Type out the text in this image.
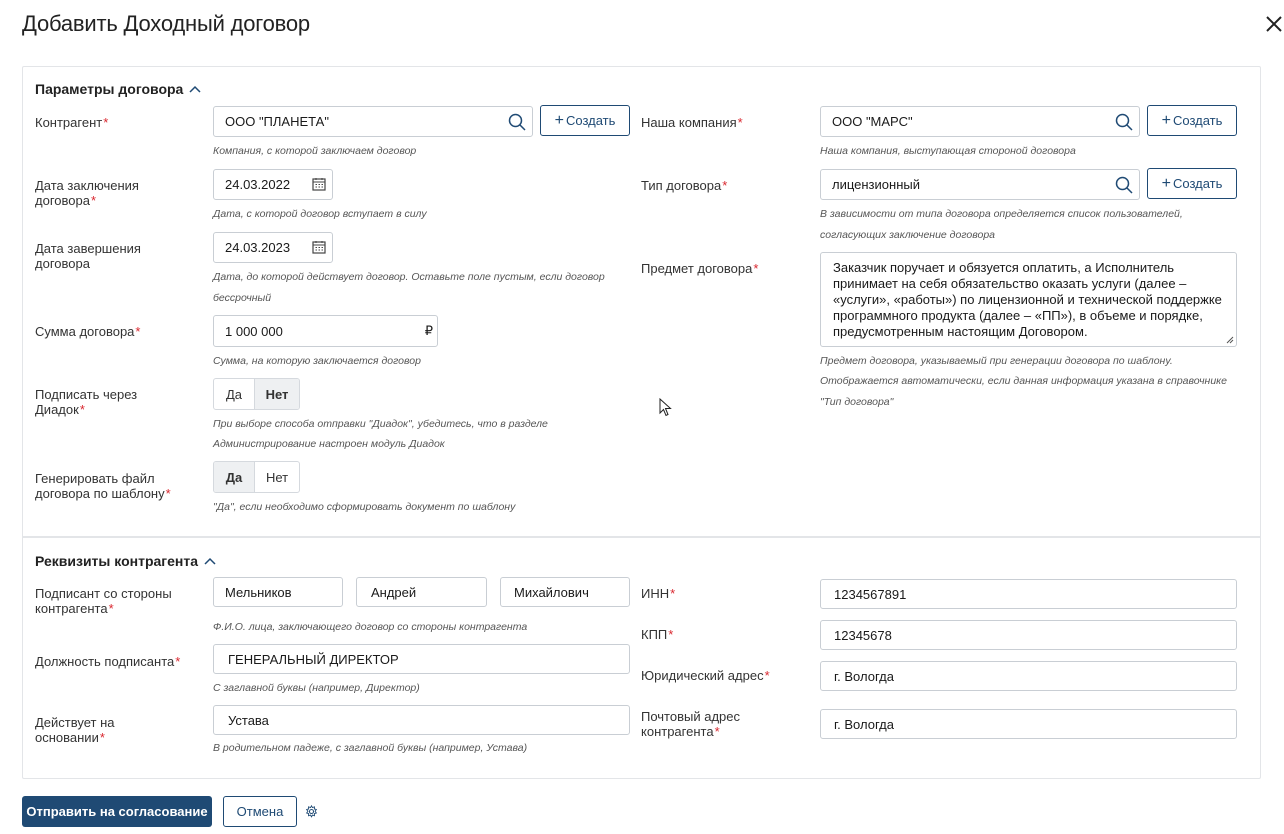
Добавить Доходный договор
Параметры договора
Контрагент*	ООО "ПЛАНЕТА"	+ Создать
Компания, с которой заключаем договор
Дата заключения договора*
24.03.2022
Дата, с которой договор вступает в силу
Дата завершения договора
24.03.2023
Дата, до которой действует договор. Оставьте поле пустым, если договор
бессрочный
Сумма договора*	1 000 000	₽
Сумма, на которую заключается договор
Подписать через Диадок*
Да	Нет
При выборе способа отправки "Диадок", убедитесь, что в разделе
Администрирование настроен модуль Диадок
Генерировать файл договора по шаблону*
Да	Нет
"Да", если необходимо сформировать документ по шаблону
Наша компания*	ООО "МАРС"	+ Создать
Наша компания, выступающая стороной договора
Тип договора*	лицензионный	+ Создать
В зависимости от типа договора определяется список пользователей,
согласующих заключение договора
Предмет договора*	Заказчик поручает и обязуется оплатить, а Исполнитель принимает на себя обязательство оказать услуги (далее – «услуги», «работы») по лицензионной и технической поддержке программного продукта (далее – «ПП»), в объеме и порядке, предусмотренным настоящим Договором.
Предмет договора, указываемый при генерации договора по шаблону.
Отображается автоматически, если данная информация указана в справочнике
"Тип договора"
Реквизиты контрагента
Подписант со стороны контрагента*
Мельников	Андрей	Михайлович
Ф.И.О. лица, заключающего договор со стороны контрагента
Должность подписанта*	ГЕНЕРАЛЬНЫЙ ДИРЕКТОР
С заглавной буквы (например, Директор)
Действует на основании*
Устава
В родительном падеже, с заглавной буквы (например, Устава)
ИНН*	1234567891
КПП*	12345678
Юридический адрес*	г. Вологда
Почтовый адрес контрагента*	г. Вологда
Отправить на согласование	Отмена
